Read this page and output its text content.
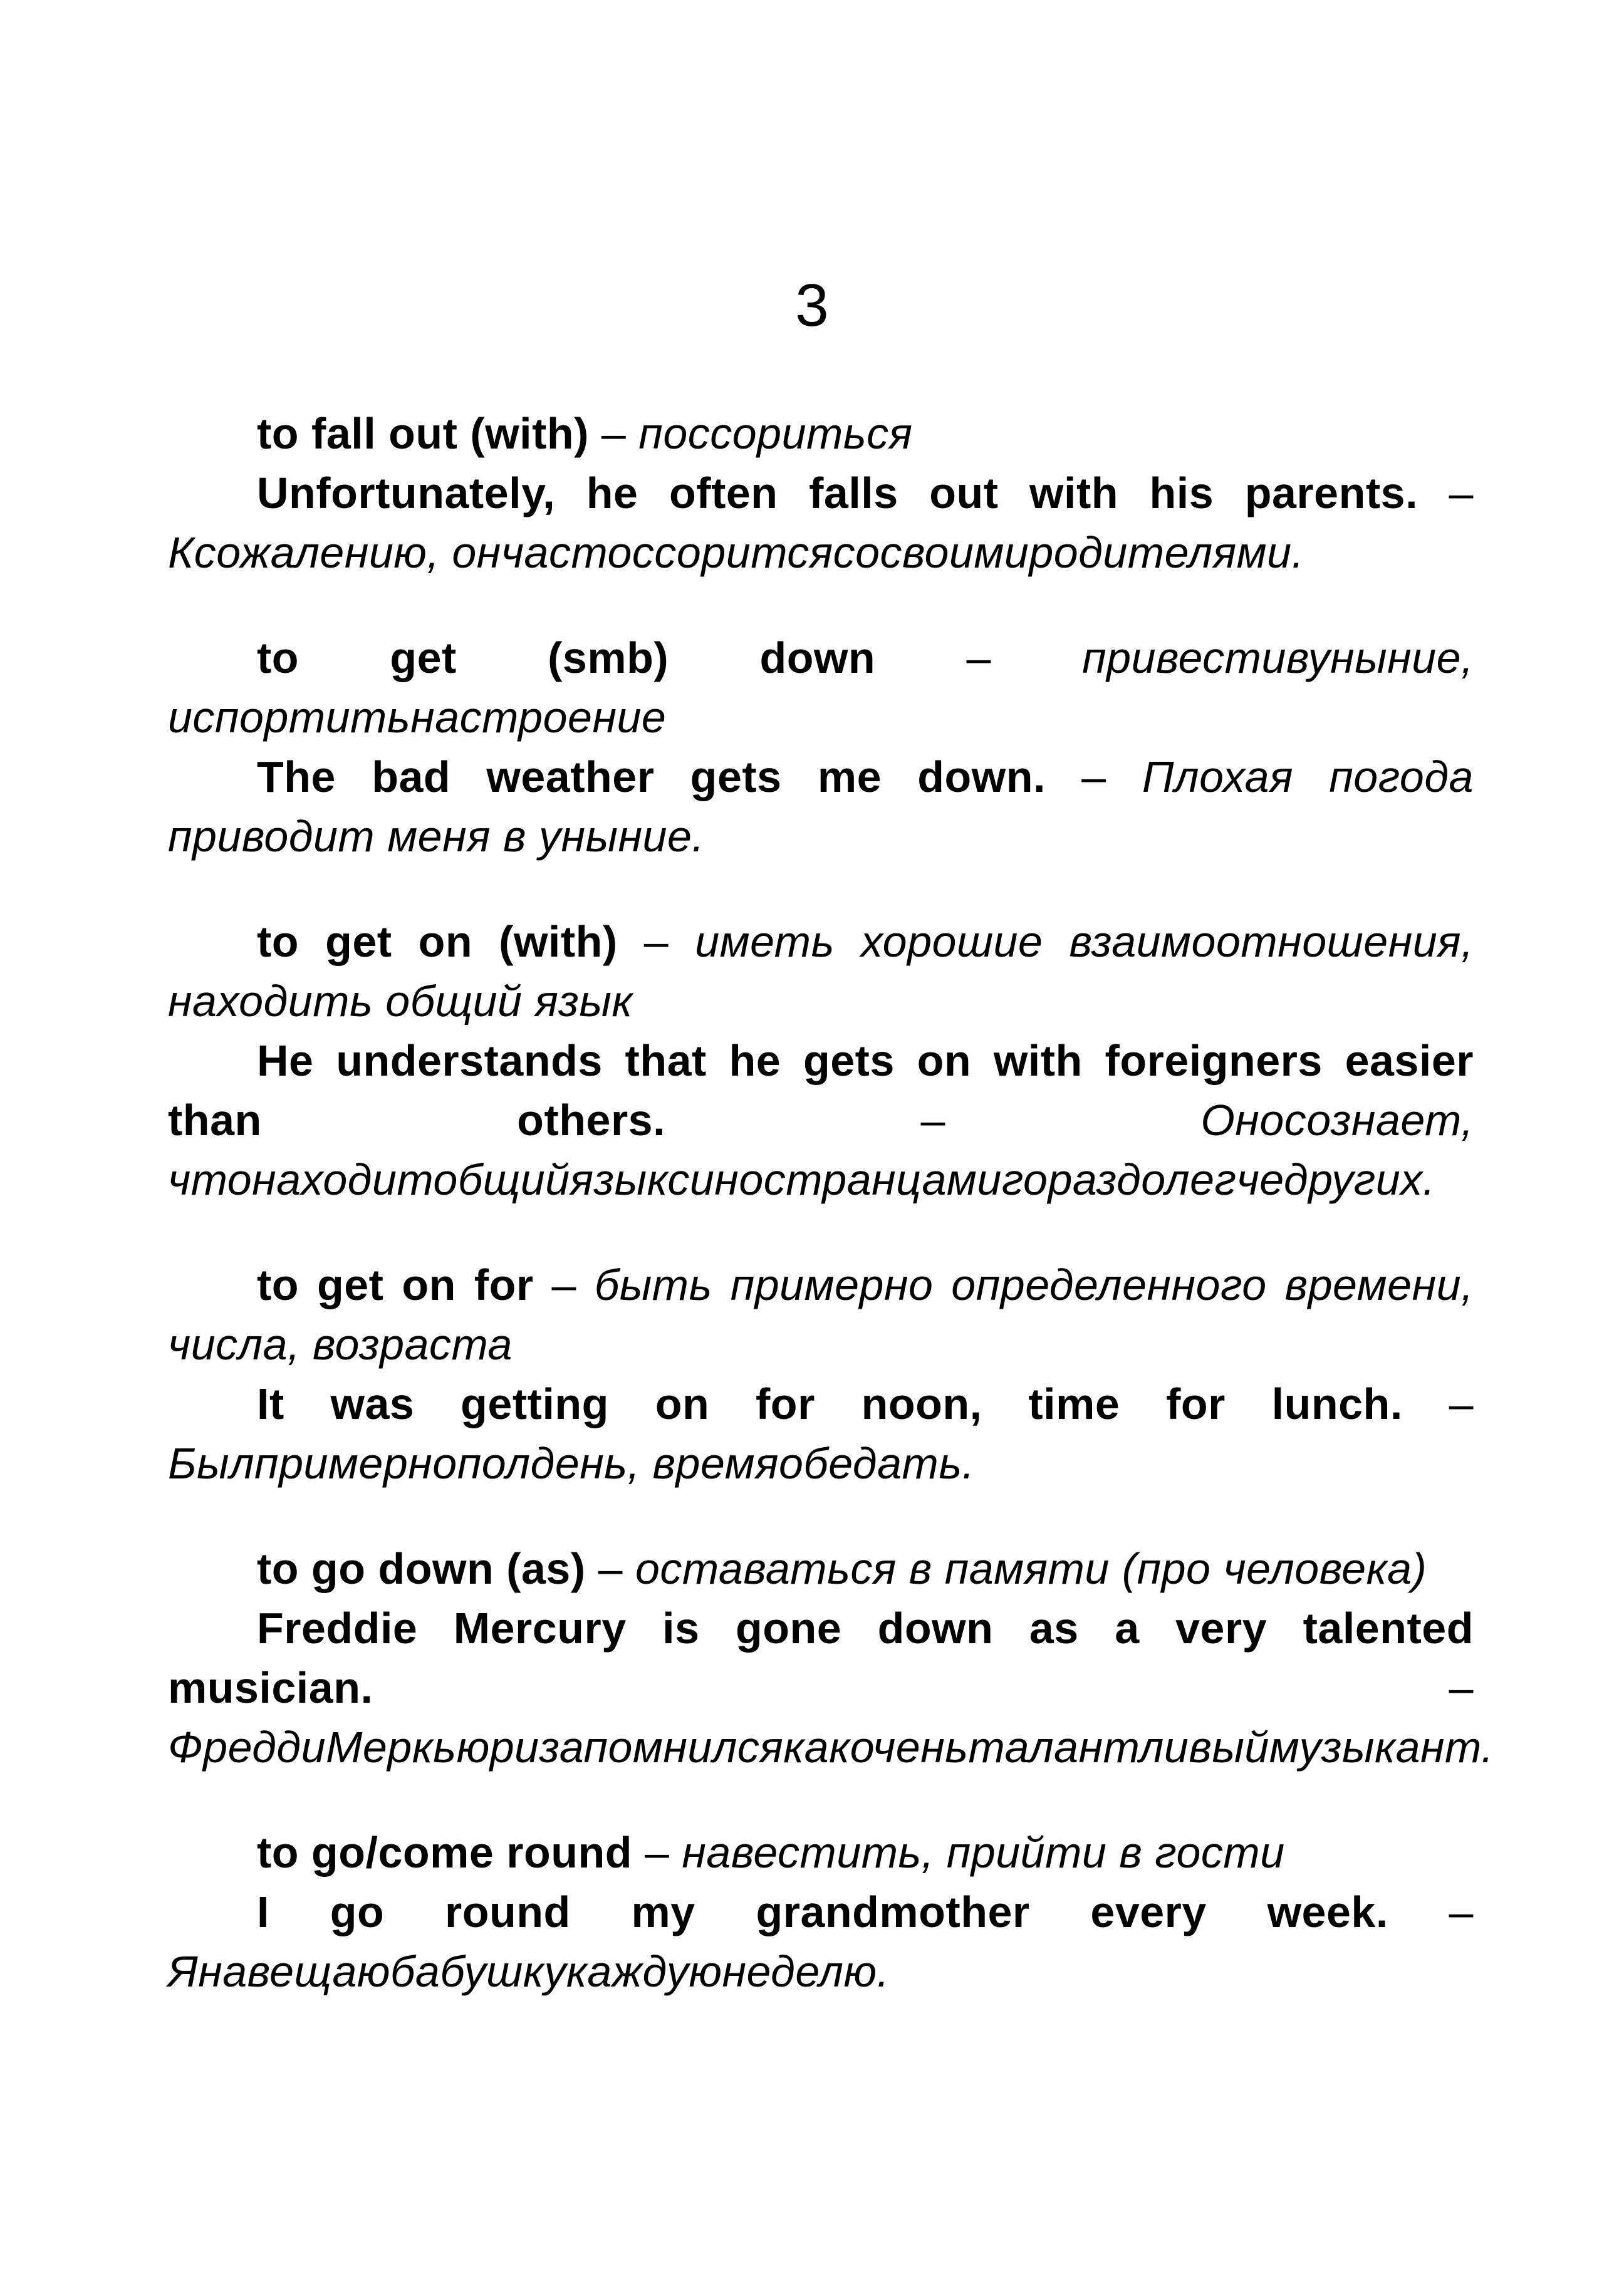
3

to fall out (with) – поссориться

Unfortunately, he often falls out with his parents. – Ксожалению, ончастоссоритсясосвоимиродителями.

to get (smb) down – привестивуныние, испортитьнастроение

The bad weather gets me down. – Плохая погода приводит меня в уныние.

to get on (with) – иметь хорошие взаимоотношения, находить общий язык

He understands that he gets on with foreigners easier than others. – Оносознает, чтонаходитобщийязыксиностранцамигораздолегчедругих.

to get on for – быть примерно определенного времени, числа, возраста

It was getting on for noon, time for lunch. – Былпримернополдень, времяобедать.

to go down (as) – оставаться в памяти (про человека)

Freddie Mercury is gone down as a very talented musician. – ФреддиМеркьюризапомнилсякакоченьталантливыймузыкант.

to go/come round – навестить, прийти в гости

I go round my grandmother every week. – Янавещаюбабушкукаждуюнеделю.
